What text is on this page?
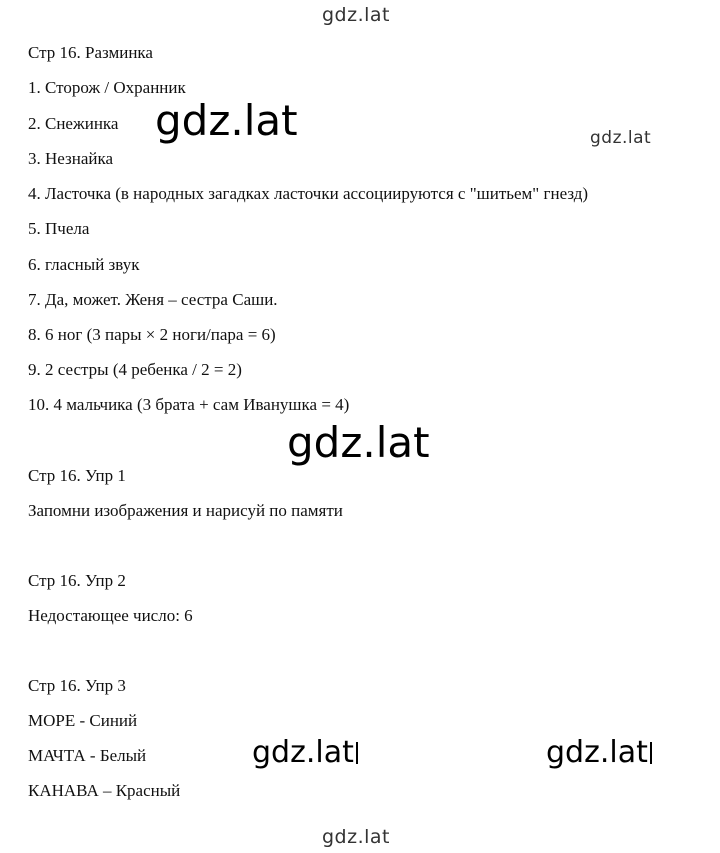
gdz.lat
gdz.lat
gdz.lat
Стр 16. Разминка
1. Сторож / Охранник
2. Снежинка
3. Незнайка
4. Ласточка (в народных загадках ласточки ассоциируются с "шитьем" гнезд)
5. Пчела
6. гласный звук
7. Да, может. Женя – сестра Саши.
8. 6 ног (3 пары × 2 ноги/пара = 6)
9. 2 сестры (4 ребенка / 2 = 2)
10. 4 мальчика (3 брата + сам Иванушка = 4)
Стр 16. Упр 1
Запомни изображения и нарисуй по памяти
Стр 16. Упр 2
Недостающее число: 6
Стр 16. Упр 3
МОРЕ - Синий
МАЧТА - Белый
КАНАВА – Красный
gdz.lat
gdz.lat
gdz.lat	gdz.lat
